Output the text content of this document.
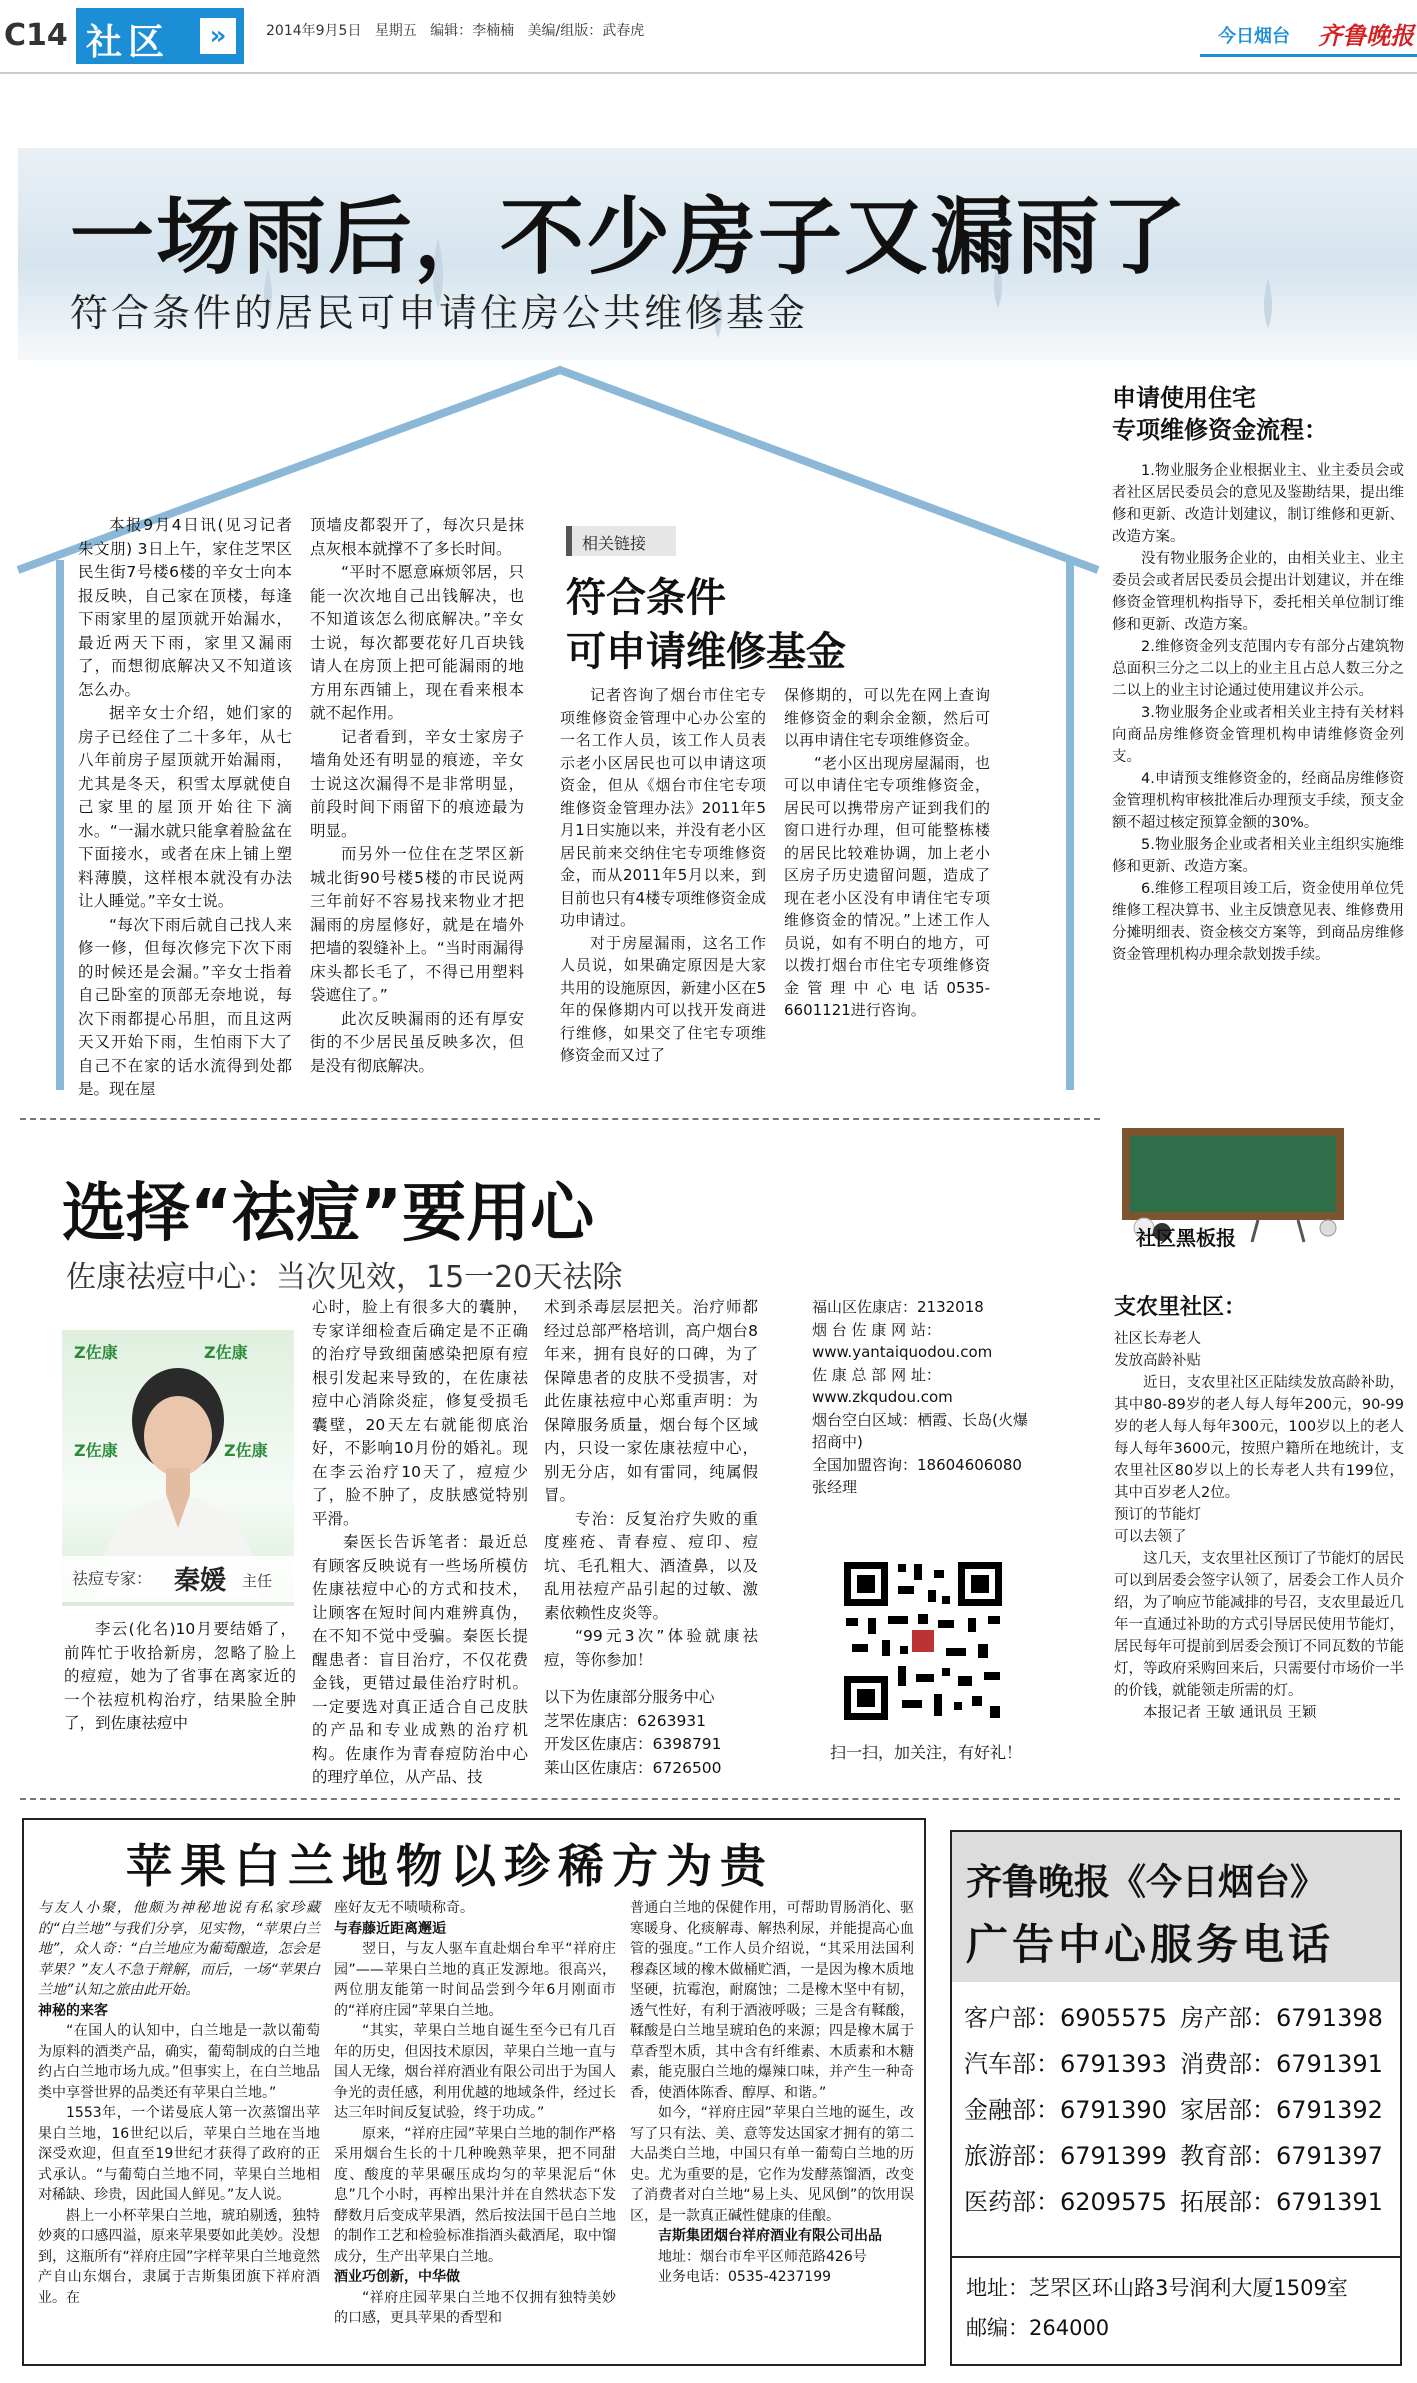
C14 社区	»	2014年9月5日 星期五 编辑：李楠楠 美编/组版：武春虎	今日烟台 齐鲁晚报
一场雨后，不少房子又漏雨了
符合条件的居民可申请住房公共维修基金

本报9月4日讯(见习记者 朱文朋) 3日上午，家住芝罘区民生街7号楼6楼的辛女士向本报反映，自己家在顶楼，每逢下雨家里的屋顶就开始漏水，最近两天下雨，家里又漏雨了，而想彻底解决又不知道该怎么办。

据辛女士介绍，她们家的房子已经住了二十多年，从七八年前房子屋顶就开始漏雨，尤其是冬天，积雪太厚就使自己家里的屋顶开始往下滴水。“一漏水就只能拿着脸盆在下面接水，或者在床上铺上塑料薄膜，这样根本就没有办法让人睡觉。”辛女士说。

“每次下雨后就自己找人来修一修，但每次修完下次下雨的时候还是会漏。”辛女士指着自己卧室的顶部无奈地说，每次下雨都提心吊胆，而且这两天又开始下雨，生怕雨下大了自己不在家的话水流得到处都是。现在屋

顶墙皮都裂开了，每次只是抹点灰根本就撑不了多长时间。

“平时不愿意麻烦邻居，只能一次次地自己出钱解决，也不知道该怎么彻底解决。”辛女士说，每次都要花好几百块钱请人在房顶上把可能漏雨的地方用东西铺上，现在看来根本就不起作用。

记者看到，辛女士家房子墙角处还有明显的痕迹，辛女士说这次漏得不是非常明显，前段时间下雨留下的痕迹最为明显。

而另外一位住在芝罘区新城北街90号楼5楼的市民说两三年前好不容易找来物业才把漏雨的房屋修好，就是在墙外把墙的裂缝补上。“当时雨漏得床头都长毛了，不得已用塑料袋遮住了。”

此次反映漏雨的还有厚安街的不少居民虽反映多次，但是没有彻底解决。

相关链接
符合条件
可申请维修基金

记者咨询了烟台市住宅专项维修资金管理中心办公室的一名工作人员，该工作人员表示老小区居民也可以申请这项资金，但从《烟台市住宅专项维修资金管理办法》2011年5月1日实施以来，并没有老小区居民前来交纳住宅专项维修资金，而从2011年5月以来，到目前也只有4楼专项维修资金成功申请过。

对于房屋漏雨，这名工作人员说，如果确定原因是大家共用的设施原因，新建小区在5年的保修期内可以找开发商进行维修，如果交了住宅专项维修资金而又过了

保修期的，可以先在网上查询维修资金的剩余金额，然后可以再申请住宅专项维修资金。

“老小区出现房屋漏雨，也可以申请住宅专项维修资金，居民可以携带房产证到我们的窗口进行办理，但可能整栋楼的居民比较难协调，加上老小区房子历史遗留问题，造成了现在老小区没有申请住宅专项维修资金的情况。”上述工作人员说，如有不明白的地方，可以拨打烟台市住宅专项维修资金管理中心电话0535-6601121进行咨询。

申请使用住宅
专项维修资金流程：

1.物业服务企业根据业主、业主委员会或者社区居民委员会的意见及鉴勘结果，提出维修和更新、改造计划建议，制订维修和更新、改造方案。

没有物业服务企业的，由相关业主、业主委员会或者居民委员会提出计划建议，并在维修资金管理机构指导下，委托相关单位制订维修和更新、改造方案。

2.维修资金列支范围内专有部分占建筑物总面积三分之二以上的业主且占总人数三分之二以上的业主讨论通过使用建议并公示。

3.物业服务企业或者相关业主持有关材料向商品房维修资金管理机构申请维修资金列支。

4.申请预支维修资金的，经商品房维修资金管理机构审核批准后办理预支手续，预支金额不超过核定预算金额的30%。

5.物业服务企业或者相关业主组织实施维修和更新、改造方案。

6.维修工程项目竣工后，资金使用单位凭维修工程决算书、业主反馈意见表、维修费用分摊明细表、资金核交方案等，到商品房维修资金管理机构办理余款划拨手续。

选择“祛痘”要用心
佐康祛痘中心：当次见效，15一20天祛除
Z佐康	Z佐康
Z佐康	Z佐康
祛痘专家： 秦媛 主任

李云(化名)10月要结婚了，前阵忙于收拾新房，忽略了脸上的痘痘，她为了省事在离家近的一个祛痘机构治疗，结果脸全肿了，到佐康祛痘中

心时，脸上有很多大的囊肿，专家详细检查后确定是不正确的治疗导致细菌感染把原有痘根引发起来导致的，在佐康祛痘中心消除炎症，修复受损毛囊壁，20天左右就能彻底治好，不影响10月份的婚礼。现在李云治疗10天了，痘痘少了，脸不肿了，皮肤感觉特别平滑。

秦医长告诉笔者：最近总有顾客反映说有一些场所模仿佐康祛痘中心的方式和技术，让顾客在短时间内难辨真伪，在不知不觉中受骗。秦医长提醒患者：盲目治疗，不仅花费金钱，更错过最佳治疗时机。一定要选对真正适合自己皮肤的产品和专业成熟的治疗机构。佐康作为青春痘防治中心的理疗单位，从产品、技

术到杀毒层层把关。治疗师都经过总部严格培训，高户烟台8年来，拥有良好的口碑，为了保障患者的皮肤不受损害，对此佐康祛痘中心郑重声明：为保障服务质量，烟台每个区域内，只设一家佐康祛痘中心，别无分店，如有雷同，纯属假冒。

专治：反复治疗失败的重度痤疮、青春痘、痘印、痘坑、毛孔粗大、酒渣鼻，以及乱用祛痘产品引起的过敏、激素依赖性皮炎等。

“99元3次”体验就康祛痘，等你参加！

以下为佐康部分服务中心

芝罘佐康店：6263931

开发区佐康店：6398791

莱山区佐康店：6726500

福山区佐康店：2132018

烟 台 佐 康 网 站：

www.yantaiquodou.com

佐 康 总 部 网 址：

www.zkqudou.com

烟台空白区域：栖霞、长岛(火爆招商中)

全国加盟咨询：18604606080

张经理

扫一扫，加关注，有好礼！
社区黑板报
支农里社区：

社区长寿老人

发放高龄补贴

近日，支农里社区正陆续发放高龄补助，其中80-89岁的老人每人每年200元，90-99岁的老人每人每年300元，100岁以上的老人每人每年3600元，按照户籍所在地统计，支农里社区80岁以上的长寿老人共有199位，其中百岁老人2位。

预订的节能灯

可以去领了

这几天，支农里社区预订了节能灯的居民可以到居委会签字认领了，居委会工作人员介绍，为了响应节能减排的号召，支农里最近几年一直通过补助的方式引导居民使用节能灯，居民每年可提前到居委会预订不同瓦数的节能灯，等政府采购回来后，只需要付市场价一半的价钱，就能领走所需的灯。

本报记者 王敏 通讯员 王颖

苹果白兰地物以珍稀方为贵

与友人小聚，他颇为神秘地说有私家珍藏的“白兰地”与我们分享，见实物，“苹果白兰地”，众人奇：“白兰地应为葡萄酿造，怎会是苹果？”友人不急于辩解，而后，一场“苹果白兰地”认知之旅由此开始。

神秘的来客

“在国人的认知中，白兰地是一款以葡萄为原料的酒类产品，确实，葡萄制成的白兰地约占白兰地市场九成。”但事实上，在白兰地品类中享誉世界的品类还有苹果白兰地。”

1553年，一个诺曼底人第一次蒸馏出苹果白兰地，16世纪以后，苹果白兰地在当地深受欢迎，但直至19世纪才获得了政府的正式承认。“与葡萄白兰地不同，苹果白兰地相对稀缺、珍贵，因此国人鲜见。”友人说。

斟上一小杯苹果白兰地，琥珀剔透，独特妙爽的口感四溢，原来苹果要如此美妙。没想到，这瓶所有“祥府庄园”字样苹果白兰地竟然产自山东烟台，隶属于吉斯集团旗下祥府酒业。在

座好友无不啧啧称奇。

与春藤近距离邂逅

翌日，与友人驱车直赴烟台牟平“祥府庄园”——苹果白兰地的真正发源地。很高兴，两位朋友能第一时间品尝到今年6月刚面市的“祥府庄园”苹果白兰地。

“其实，苹果白兰地自诞生至今已有几百年的历史，但因技术原因，苹果白兰地一直与国人无缘，烟台祥府酒业有限公司出于为国人争光的责任感，利用优越的地域条件，经过长达三年时间反复试验，终于功成。”

原来，“祥府庄园”苹果白兰地的制作严格采用烟台生长的十几种晚熟苹果，把不同甜度、酸度的苹果碾压成均匀的苹果泥后“休息”几个小时，再榨出果汁并在自然状态下发酵数月后变成苹果酒，然后按法国干邑白兰地的制作工艺和检验标准指酒头截酒尾，取中馏成分，生产出苹果白兰地。

酒业巧创新，中华做

“祥府庄园苹果白兰地不仅拥有独特美妙的口感，更具苹果的香型和

普通白兰地的保健作用，可帮助胃肠消化、驱寒暖身、化痰解毒、解热利尿，并能提高心血管的强度。”工作人员介绍说，“其采用法国利穆森区域的橡木做桶贮酒，一是因为橡木质地坚硬，抗霉泡，耐腐蚀；二是橡木坚中有韧，透气性好，有利于酒液呼吸；三是含有鞣酸，鞣酸是白兰地呈琥珀色的来源；四是橡木属于草香型木质，其中含有纤维素、木质素和木糖素，能克服白兰地的爆辣口味，并产生一种奇香，使酒体陈香、醇厚、和谐。”

如今，“祥府庄园”苹果白兰地的诞生，改写了只有法、美、意等发达国家才拥有的第二大品类白兰地，中国只有单一葡萄白兰地的历史。尤为重要的是，它作为发酵蒸馏酒，改变了消费者对白兰地“易上头、见风倒”的饮用误区，是一款真正碱性健康的佳酿。

吉斯集团烟台祥府酒业有限公司出品

地址：烟台市牟平区师范路426号

业务电话：0535-4237199

齐鲁晚报《今日烟台》
广告中心服务电话
客户部：6905575 房产部：6791398
汽车部：6791393 消费部：6791391
金融部：6791390 家居部：6791392
旅游部：6791399 教育部：6791397
医药部：6209575 拓展部：6791391
地址：芝罘区环山路3号润利大厦1509室
邮编：264000
